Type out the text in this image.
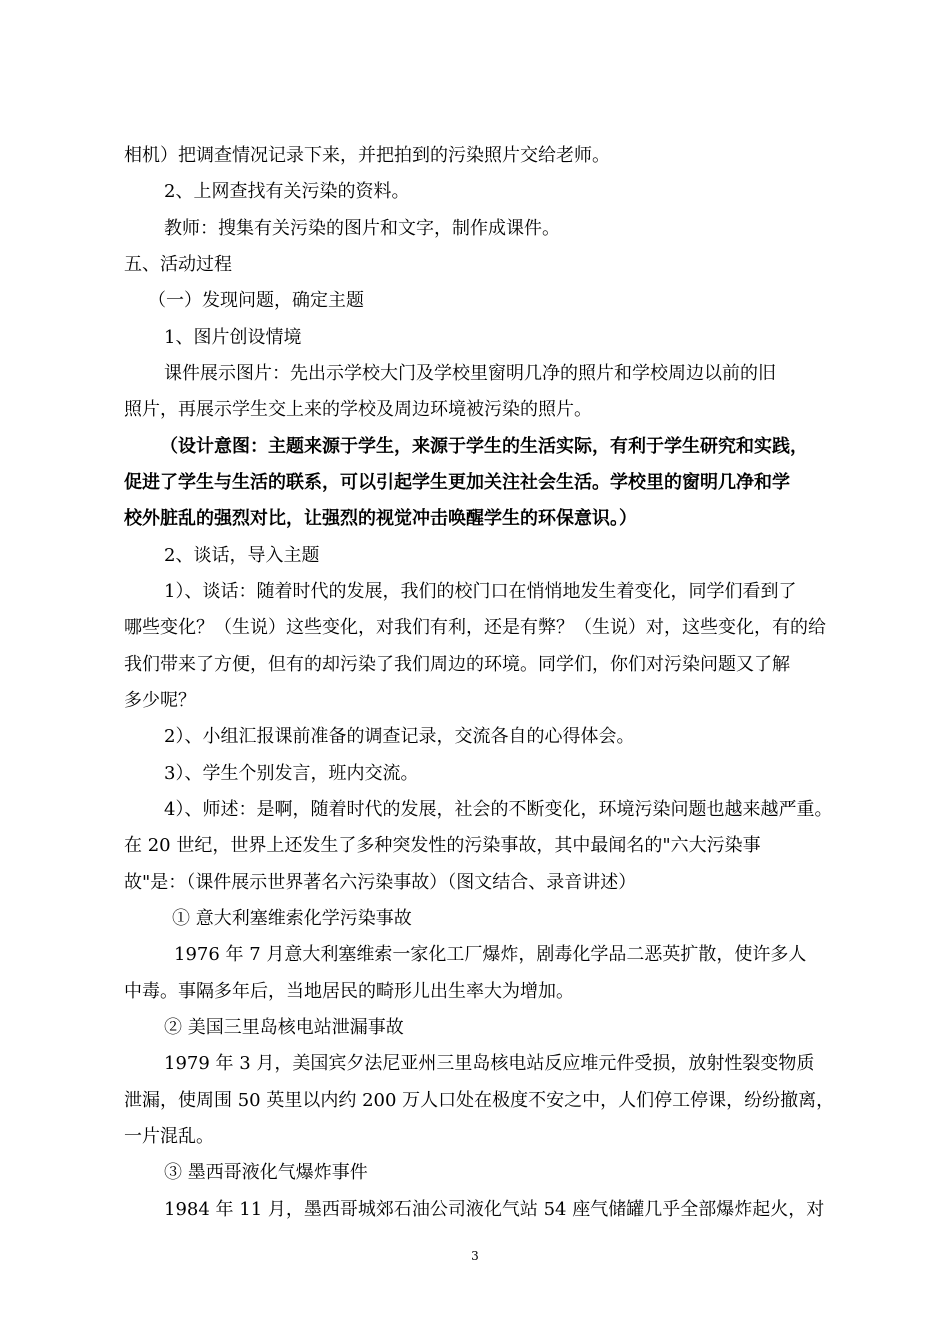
相机）把调查情况记录下来，并把拍到的污染照片交给老师。
2、上网查找有关污染的资料。
教师：搜集有关污染的图片和文字，制作成课件。
五、活动过程
（一）发现问题，确定主题
1、图片创设情境
课件展示图片：先出示学校大门及学校里窗明几净的照片和学校周边以前的旧
照片，再展示学生交上来的学校及周边环境被污染的照片。
（设计意图：主题来源于学生，来源于学生的生活实际，有利于学生研究和实践，
促进了学生与生活的联系，可以引起学生更加关注社会生活。学校里的窗明几净和学
校外脏乱的强烈对比，让强烈的视觉冲击唤醒学生的环保意识。）
2、谈话，导入主题
1）、谈话：随着时代的发展，我们的校门口在悄悄地发生着变化，同学们看到了
哪些变化？（生说）这些变化，对我们有利，还是有弊？（生说）对，这些变化，有的给
我们带来了方便，但有的却污染了我们周边的环境。同学们，你们对污染问题又了解
多少呢？
2）、小组汇报课前准备的调查记录，交流各自的心得体会。
3）、学生个别发言，班内交流。
4）、师述：是啊，随着时代的发展，社会的不断变化，环境污染问题也越来越严重。
在 20 世纪，世界上还发生了多种突发性的污染事故，其中最闻名的"六大污染事
故"是：（课件展示世界著名六污染事故）（图文结合、录音讲述）
① 意大利塞维索化学污染事故
1976 年 7 月意大利塞维索一家化工厂爆炸，剧毒化学品二恶英扩散，使许多人
中毒。事隔多年后，当地居民的畸形儿出生率大为增加。
② 美国三里岛核电站泄漏事故
1979 年 3 月，美国宾夕法尼亚州三里岛核电站反应堆元件受损，放射性裂变物质
泄漏，使周围 50 英里以内约 200 万人口处在极度不安之中，人们停工停课，纷纷撤离，
一片混乱。
③ 墨西哥液化气爆炸事件
1984 年 11 月，墨西哥城郊石油公司液化气站 54 座气储罐几乎全部爆炸起火，对
3
